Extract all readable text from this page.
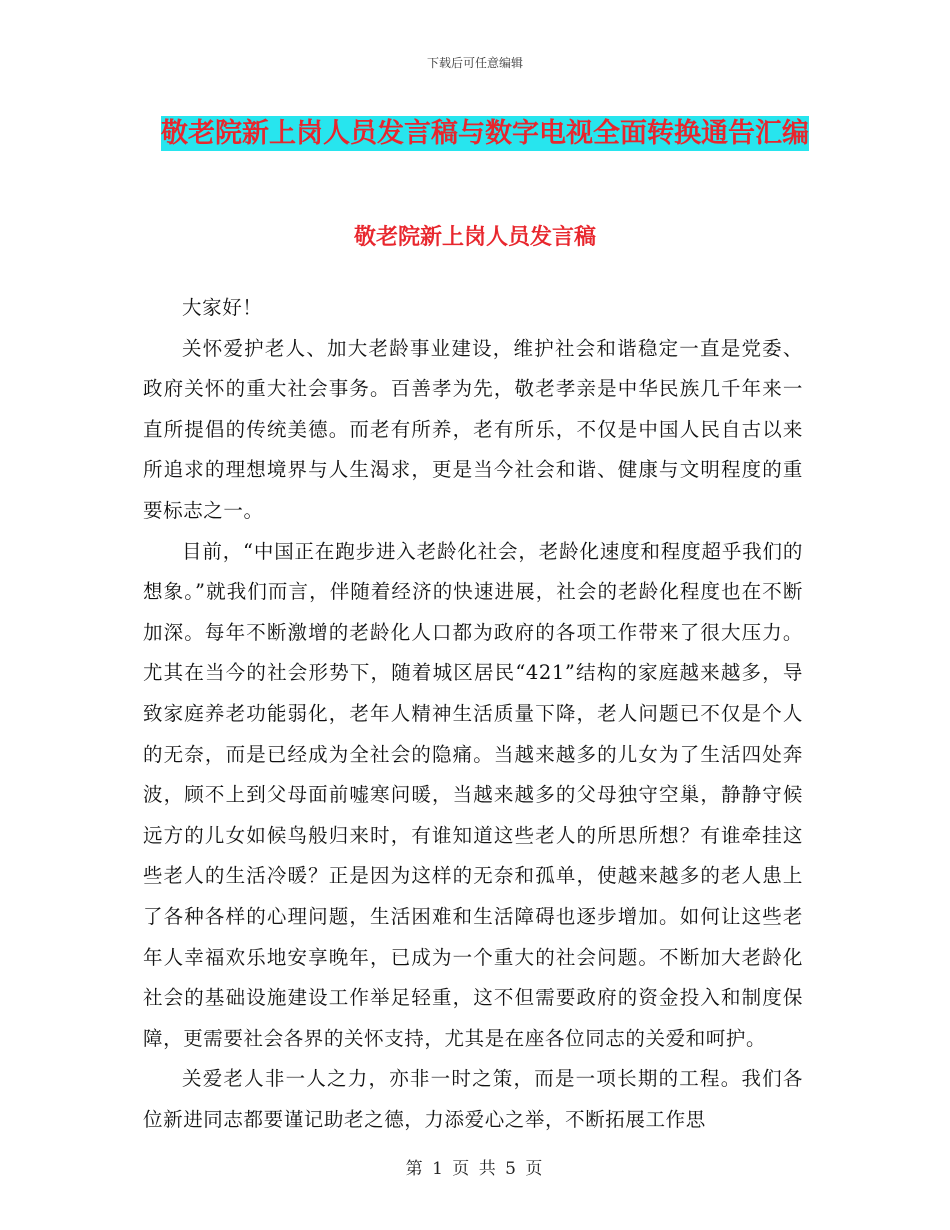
下载后可任意编辑
敬老院新上岗人员发言稿与数字电视全面转换通告汇编
敬老院新上岗人员发言稿

大家好！

关怀爱护老人、加大老龄事业建设，维护社会和谐稳定一直是党委、政府关怀的重大社会事务。百善孝为先，敬老孝亲是中华民族几千年来一直所提倡的传统美德。而老有所养，老有所乐，不仅是中国人民自古以来所追求的理想境界与人生渴求，更是当今社会和谐、健康与文明程度的重要标志之一。

目前，“中国正在跑步进入老龄化社会，老龄化速度和程度超乎我们的想象。”就我们而言，伴随着经济的快速进展，社会的老龄化程度也在不断加深。每年不断激增的老龄化人口都为政府的各项工作带来了很大压力。尤其在当今的社会形势下，随着城区居民“421”结构的家庭越来越多，导致家庭养老功能弱化，老年人精神生活质量下降，老人问题已不仅是个人的无奈，而是已经成为全社会的隐痛。当越来越多的儿女为了生活四处奔波，顾不上到父母面前嘘寒问暖，当越来越多的父母独守空巢，静静守候远方的儿女如候鸟般归来时，有谁知道这些老人的所思所想？有谁牵挂这些老人的生活冷暖？正是因为这样的无奈和孤单，使越来越多的老人患上了各种各样的心理问题，生活困难和生活障碍也逐步增加。如何让这些老年人幸福欢乐地安享晚年，已成为一个重大的社会问题。不断加大老龄化社会的基础设施建设工作举足轻重，这不但需要政府的资金投入和制度保障，更需要社会各界的关怀支持，尤其是在座各位同志的关爱和呵护。

关爱老人非一人之力，亦非一时之策，而是一项长期的工程。我们各位新进同志都要谨记助老之德，力添爱心之举，不断拓展工作思

第 1 页 共 5 页
